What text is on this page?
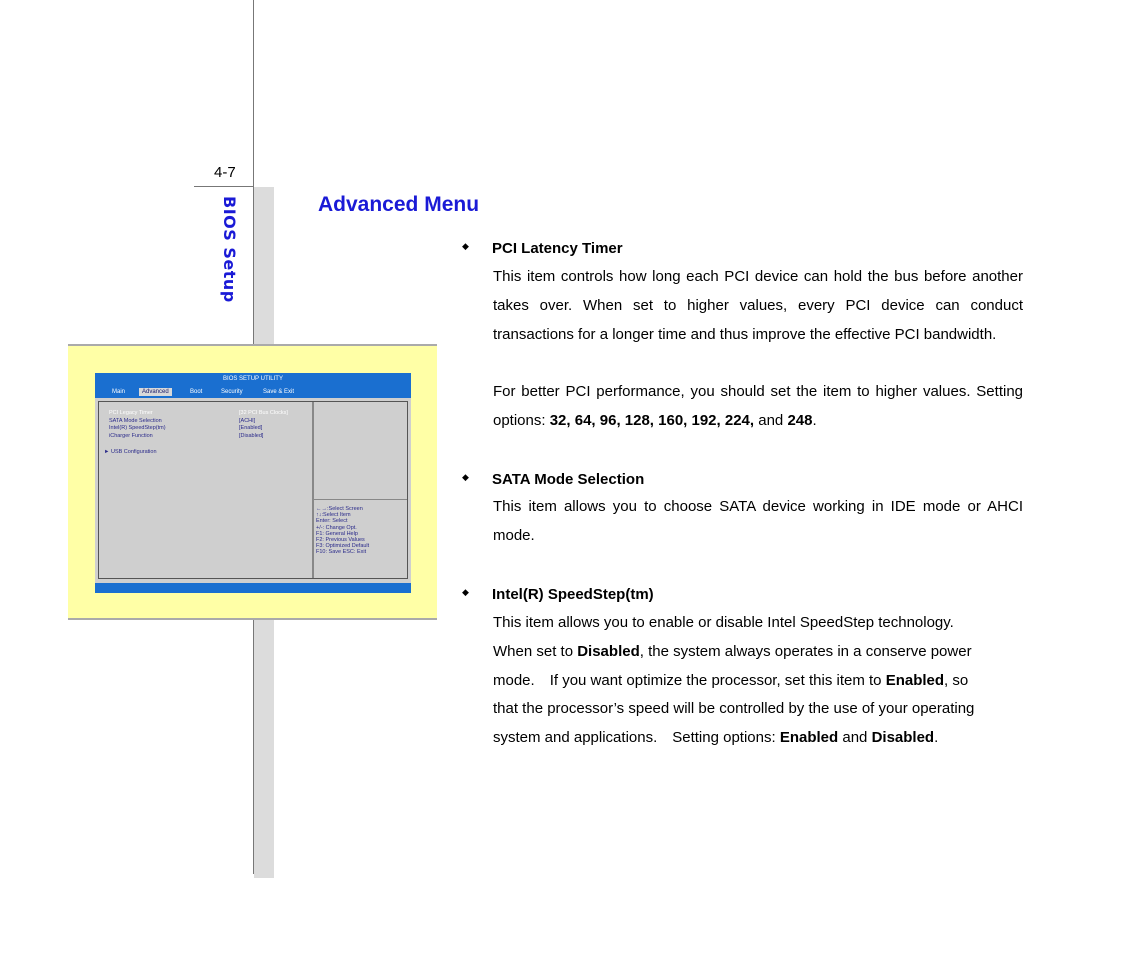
4-7
BIOS Setup
BIOS SETUP UTILITY
Main	Advanced	Boot	Security	Save & Exit
PCI Legacy Timer	[32 PCI Bus Clocks]
SATA Mode Selection	[ACHI]
Intel(R) SpeedStep(tm)	[Enabled]
iCharger Function	[Disabled]
► USB Configuration
←→:Select Screen
↑↓:Select Item
Enter: Select
+/-: Change Opt.
F1: General Help
F2: Previous Values
F3: Optimized Default
F10: Save ESC: Exit
Advanced Menu
◆ PCI Latency Timer
This item controls how long each PCI device can hold the bus before another takes over. When set to higher values, every PCI device can conduct transactions for a longer time and thus improve the effective PCI bandwidth.
For better PCI performance, you should set the item to higher values. Setting options: 32, 64, 96, 128, 160, 192, 224, and 248.
◆ SATA Mode Selection
This item allows you to choose SATA device working in IDE mode or AHCI mode.
◆ Intel(R) SpeedStep(tm)
This item allows you to enable or disable Intel SpeedStep technology.
When set to Disabled, the system always operates in a conserve power
mode. If you want optimize the processor, set this item to Enabled, so
that the processor’s speed will be controlled by the use of your operating
system and applications. Setting options: Enabled and Disabled.
